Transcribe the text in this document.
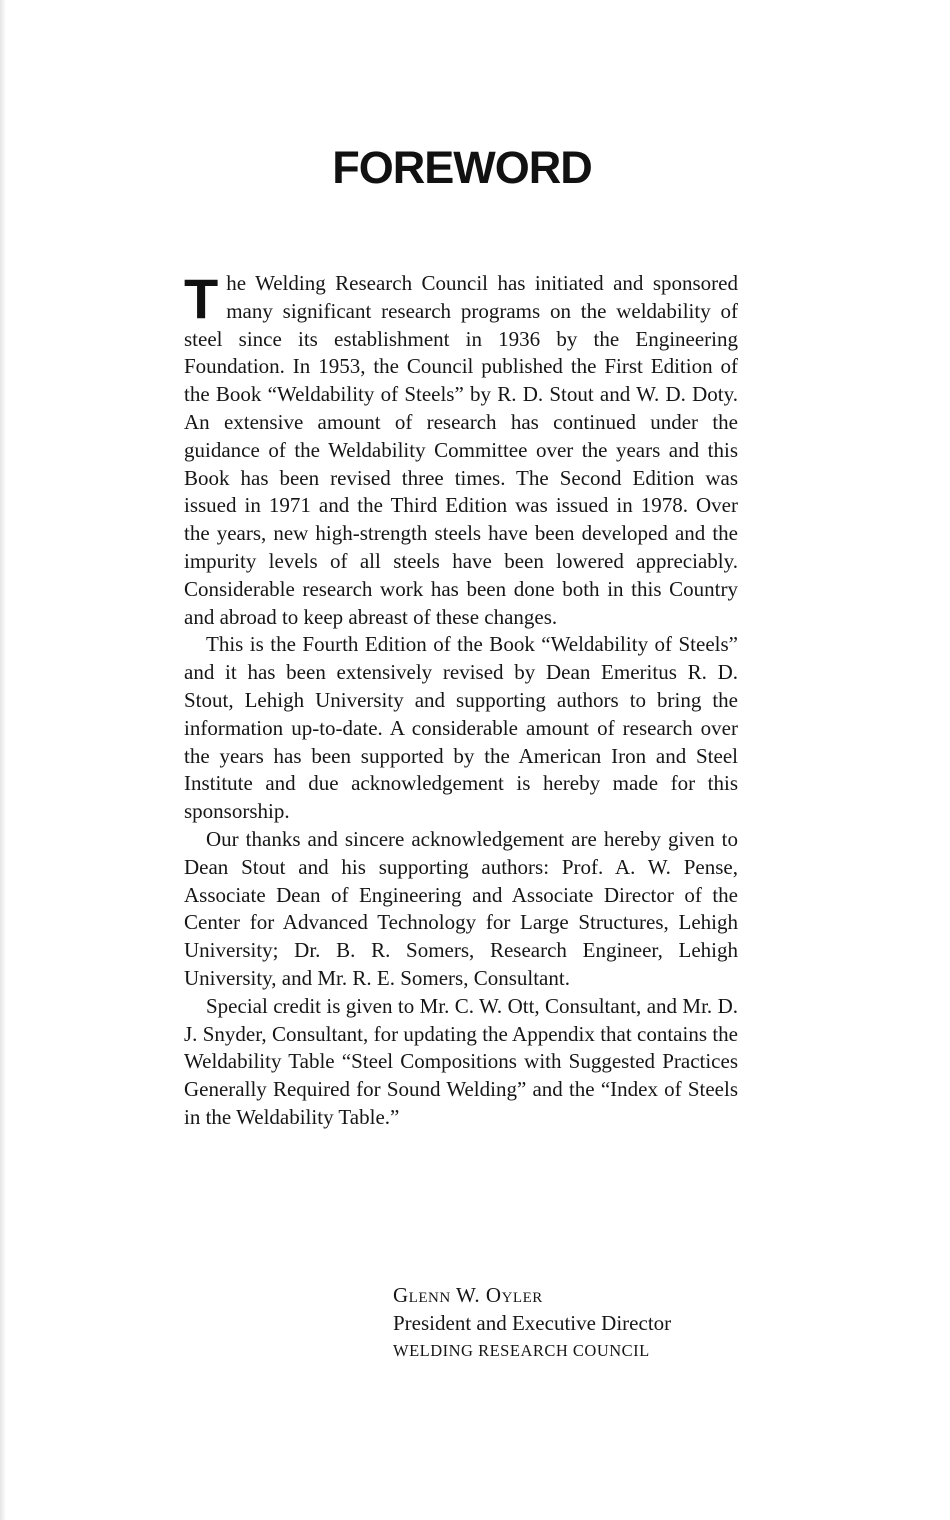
FOREWORD

The Welding Research Council has initiated and sponsored many significant research programs on the weldability of steel since its establishment in 1936 by the Engineering Foundation. In 1953, the Council published the First Edition of the Book “Weldability of Steels” by R. D. Stout and W. D. Doty. An extensive amount of research has continued under the guidance of the Weldability Committee over the years and this Book has been revised three times. The Second Edition was issued in 1971 and the Third Edition was issued in 1978. Over the years, new high-strength steels have been developed and the impurity levels of all steels have been lowered appreciably. Considerable research work has been done both in this Country and abroad to keep abreast of these changes.

This is the Fourth Edition of the Book “Weldability of Steels” and it has been extensively revised by Dean Emeritus R. D. Stout, Lehigh University and supporting authors to bring the information up-to-date. A considerable amount of research over the years has been supported by the American Iron and Steel Institute and due acknowledgement is hereby made for this sponsorship.

Our thanks and sincere acknowledgement are hereby given to Dean Stout and his supporting authors: Prof. A. W. Pense, Associate Dean of Engineering and Associate Director of the Center for Advanced Technology for Large Structures, Lehigh University; Dr. B. R. Somers, Research Engineer, Lehigh University, and Mr. R. E. Somers, Consultant.

Special credit is given to Mr. C. W. Ott, Consultant, and Mr. D. J. Snyder, Consultant, for updating the Appendix that contains the Weldability Table “Steel Compositions with Suggested Practices Generally Required for Sound Welding” and the “Index of Steels in the Weldability Table.”

Glenn W. Oyler
President and Executive Director
WELDING RESEARCH COUNCIL
